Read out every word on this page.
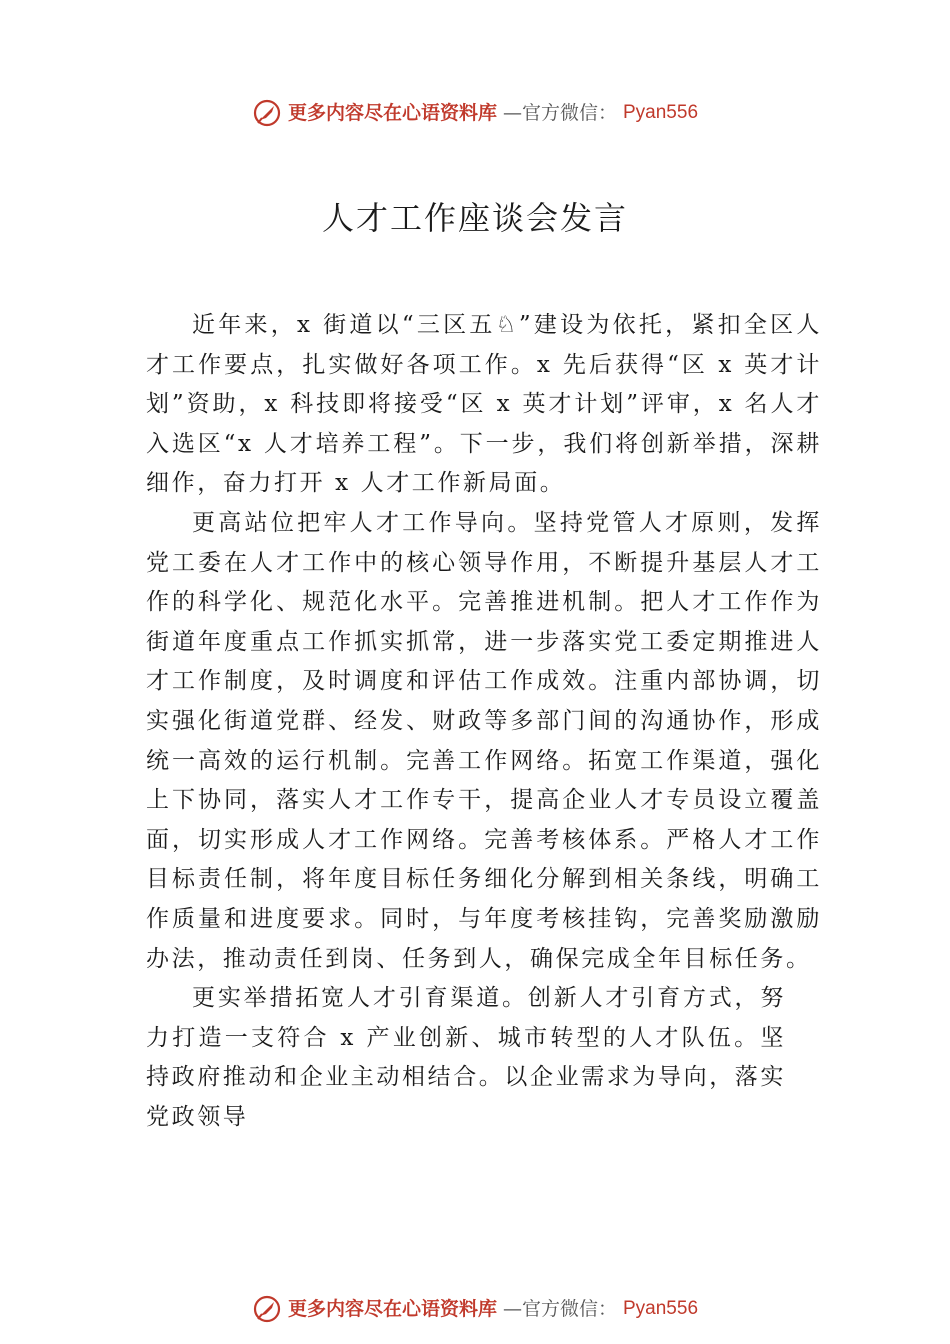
更多内容尽在心语资料库 —官方微信： Pyan556
人才工作座谈会发言

近年来，x 街道以“三区五♘”建设为依托，紧扣全区人才工作要点，扎实做好各项工作。x 先后获得“区 x 英才计划”资助，x 科技即将接受“区 x 英才计划”评审，x 名人才入选区“x 人才培养工程”。下一步，我们将创新举措，深耕细作，奋力打开 x 人才工作新局面。

更高站位把牢人才工作导向。坚持党管人才原则，发挥党工委在人才工作中的核心领导作用，不断提升基层人才工作的科学化、规范化水平。完善推进机制。把人才工作作为街道年度重点工作抓实抓常，进一步落实党工委定期推进人才工作制度，及时调度和评估工作成效。注重内部协调，切实强化街道党群、经发、财政等多部门间的沟通协作，形成统一高效的运行机制。完善工作网络。拓宽工作渠道，强化上下协同，落实人才工作专干，提高企业人才专员设立覆盖面，切实形成人才工作网络。完善考核体系。严格人才工作目标责任制，将年度目标任务细化分解到相关条线，明确工作质量和进度要求。同时，与年度考核挂钩，完善奖励激励办法，推动责任到岗、任务到人，确保完成全年目标任务。

更实举措拓宽人才引育渠道。创新人才引育方式，努力打造一支符合 x 产业创新、城市转型的人才队伍。坚持政府推动和企业主动相结合。以企业需求为导向，落实党政领导

更多内容尽在心语资料库 —官方微信： Pyan556
